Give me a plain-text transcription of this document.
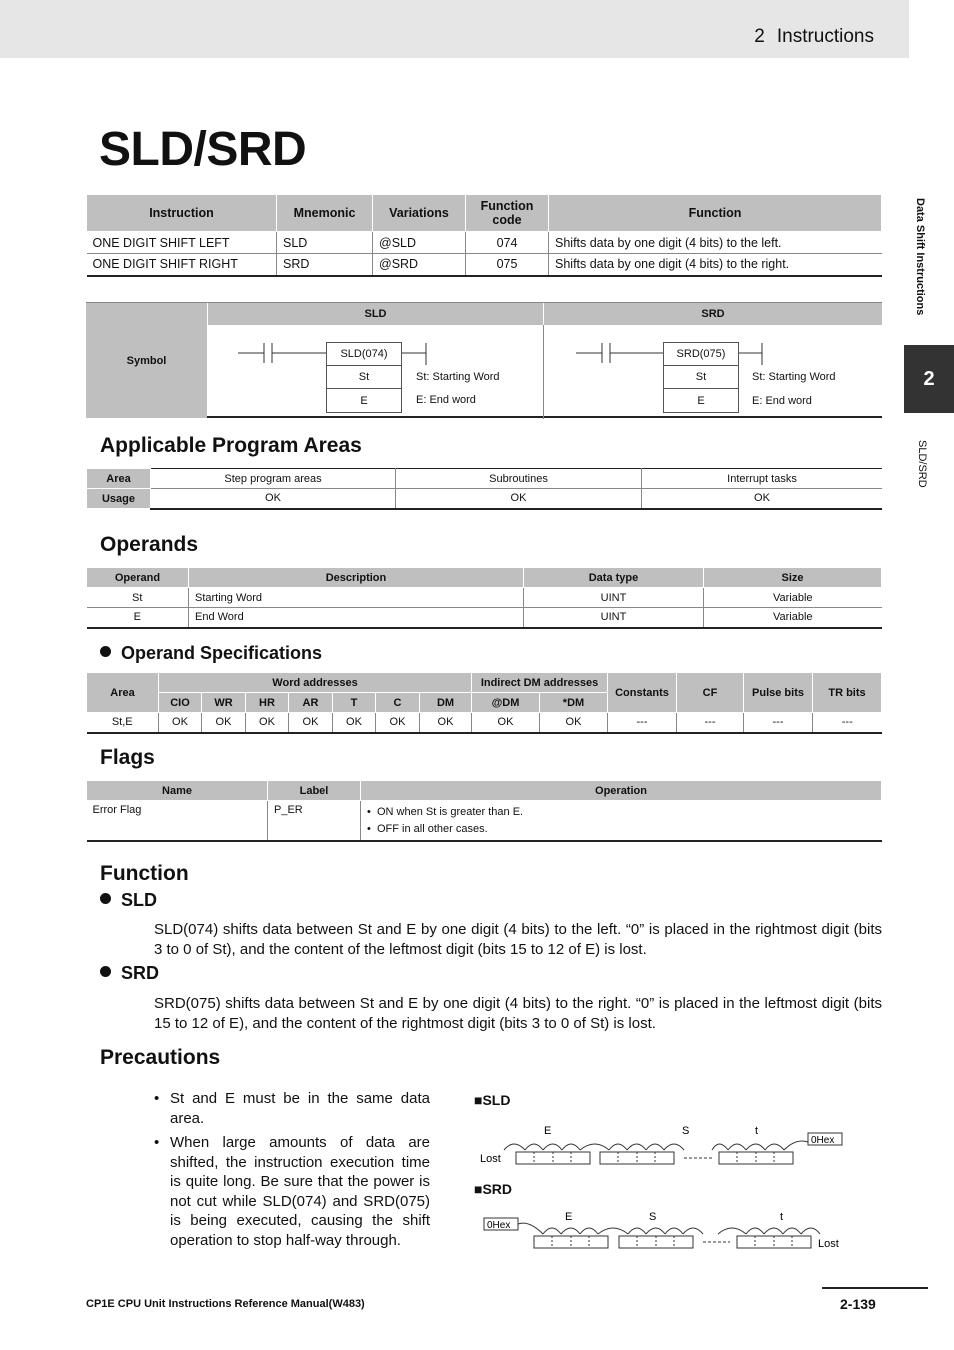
2 Instructions
Data Shift Instructions
2
SLD/SRD
SLD/SRD
Instruction	Mnemonic	Variations	Function code	Function
ONE DIGIT SHIFT LEFT	SLD	@SLD	074	Shifts data by one digit (4 bits) to the left.
ONE DIGIT SHIFT RIGHT	SRD	@SRD	075	Shifts data by one digit (4 bits) to the right.
Symbol
SLD	SRD
SLD(074)
St
E
St: Starting Word
E: End word
SRD(075)
St
E
St: Starting Word
E: End word
Applicable Program Areas
Area	Step program areas	Subroutines	Interrupt tasks
Usage	OK	OK	OK
Operands
Operand	Description	Data type	Size
St	Starting Word	UINT	Variable
E	End Word	UINT	Variable
Operand Specifications
Area	Word addresses							Indirect DM addresses		Constants	CF	Pulse bits	TR bits
	CIO	WR	HR	AR	T	C	DM	@DM	*DM				
St,E	OK	OK	OK	OK	OK	OK	OK	OK	OK	---	---	---	---
Flags
Name	Label	Operation
Error Flag	P_ER	•  ON when St is greater than E.
•  OFF in all other cases.
Function
SLD

SLD(074) shifts data between St and E by one digit (4 bits) to the left. “0” is placed in the rightmost digit (bits 3 to 0 of St), and the content of the leftmost digit (bits 15 to 12 of E) is lost.

SRD

SRD(075) shifts data between St and E by one digit (4 bits) to the right. “0” is placed in the leftmost digit (bits 15 to 12 of E), and the content of the rightmost digit (bits 3 to 0 of St) is lost.

Precautions
• St and E must be in the same data area.
• When large amounts of data are shifted, the instruction execution time is quite long. Be sure that the power is not cut while SLD(074) and SRD(075) is being executed, causing the shift operation to stop half-way through.
■SLD
E	S	t
Lost
0Hex
■SRD
0Hex
E	S	t
Lost
CP1E CPU Unit Instructions Reference Manual(W483)	2-139
